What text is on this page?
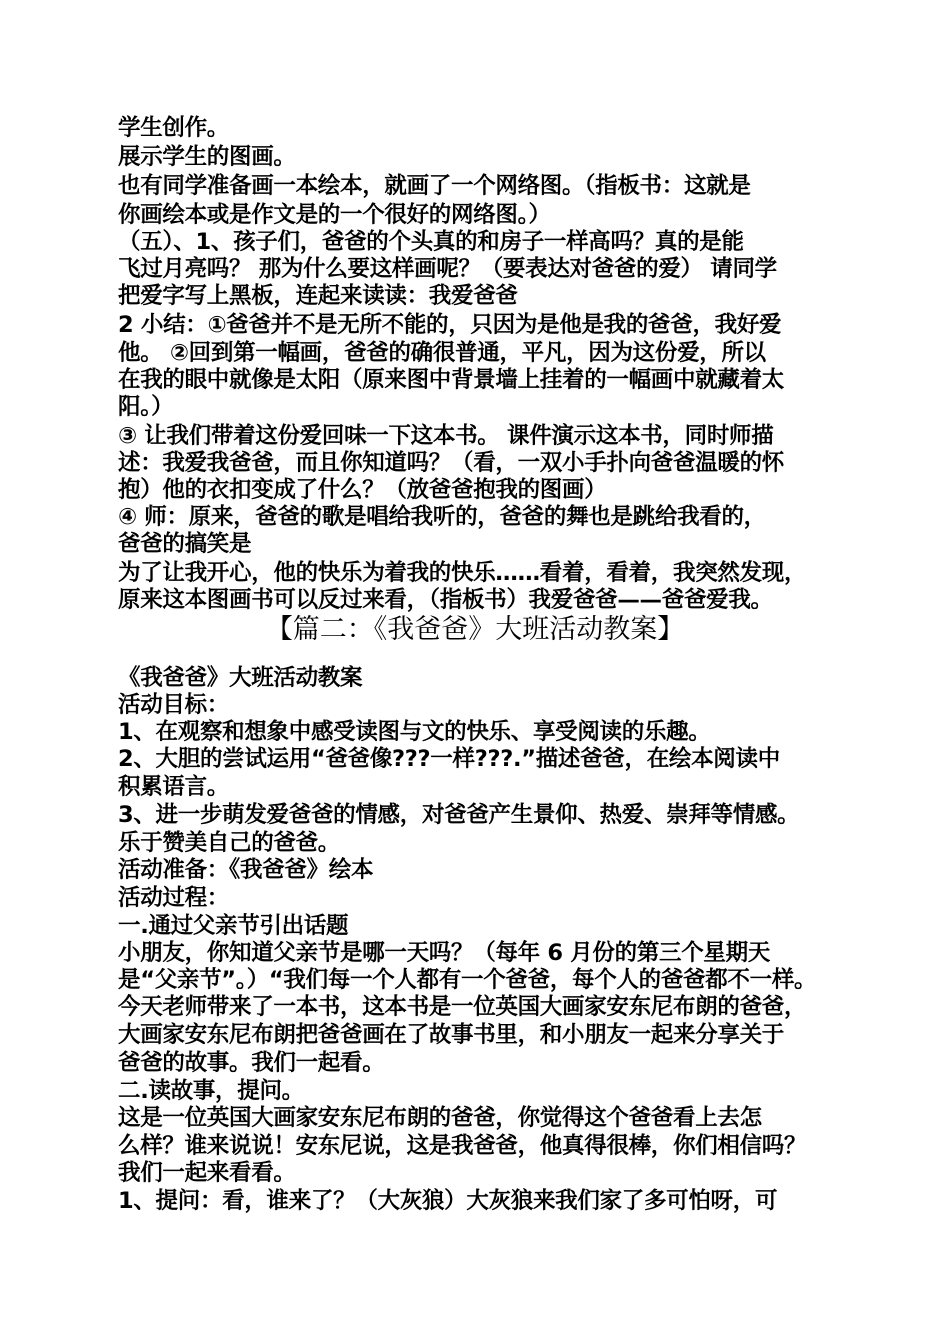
学生创作。
展示学生的图画。
也有同学准备画一本绘本，就画了一个网络图。（指板书：这就是
你画绘本或是作文是的一个很好的网络图。）
（五）、1、孩子们，爸爸的个头真的和房子一样高吗？真的是能
飞过月亮吗？ 那为什么要这样画呢？（要表达对爸爸的爱） 请同学
把爱字写上黑板，连起来读读：我爱爸爸
2 小结：①爸爸并不是无所不能的，只因为是他是我的爸爸，我好爱
他。 ②回到第一幅画，爸爸的确很普通，平凡，因为这份爱，所以
在我的眼中就像是太阳（原来图中背景墙上挂着的一幅画中就藏着太
阳。）
③ 让我们带着这份爱回味一下这本书。 课件演示这本书，同时师描
述：我爱我爸爸，而且你知道吗？（看，一双小手扑向爸爸温暖的怀
抱）他的衣扣变成了什么？（放爸爸抱我的图画）
④ 师：原来，爸爸的歌是唱给我听的，爸爸的舞也是跳给我看的，
爸爸的搞笑是
为了让我开心，他的快乐为着我的快乐……看着，看着，我突然发现，
原来这本图画书可以反过来看，（指板书）我爱爸爸——爸爸爱我。
【篇二：《我爸爸》大班活动教案】
《我爸爸》大班活动教案
活动目标：
1、在观察和想象中感受读图与文的快乐、享受阅读的乐趣。
2、大胆的尝试运用“爸爸像???一样???.”描述爸爸，在绘本阅读中
积累语言。
3、进一步萌发爱爸爸的情感，对爸爸产生景仰、热爱、崇拜等情感。
乐于赞美自己的爸爸。
活动准备：《我爸爸》绘本
活动过程：
一.通过父亲节引出话题
小朋友，你知道父亲节是哪一天吗？（每年 6 月份的第三个星期天
是“父亲节”。）“我们每一个人都有一个爸爸，每个人的爸爸都不一样。
今天老师带来了一本书，这本书是一位英国大画家安东尼布朗的爸爸，
大画家安东尼布朗把爸爸画在了故事书里，和小朋友一起来分享关于
爸爸的故事。我们一起看。
二.读故事，提问。
这是一位英国大画家安东尼布朗的爸爸，你觉得这个爸爸看上去怎
么样？谁来说说！安东尼说，这是我爸爸，他真得很棒，你们相信吗？
我们一起来看看。
1、提问：看，谁来了？（大灰狼）大灰狼来我们家了多可怕呀，可
